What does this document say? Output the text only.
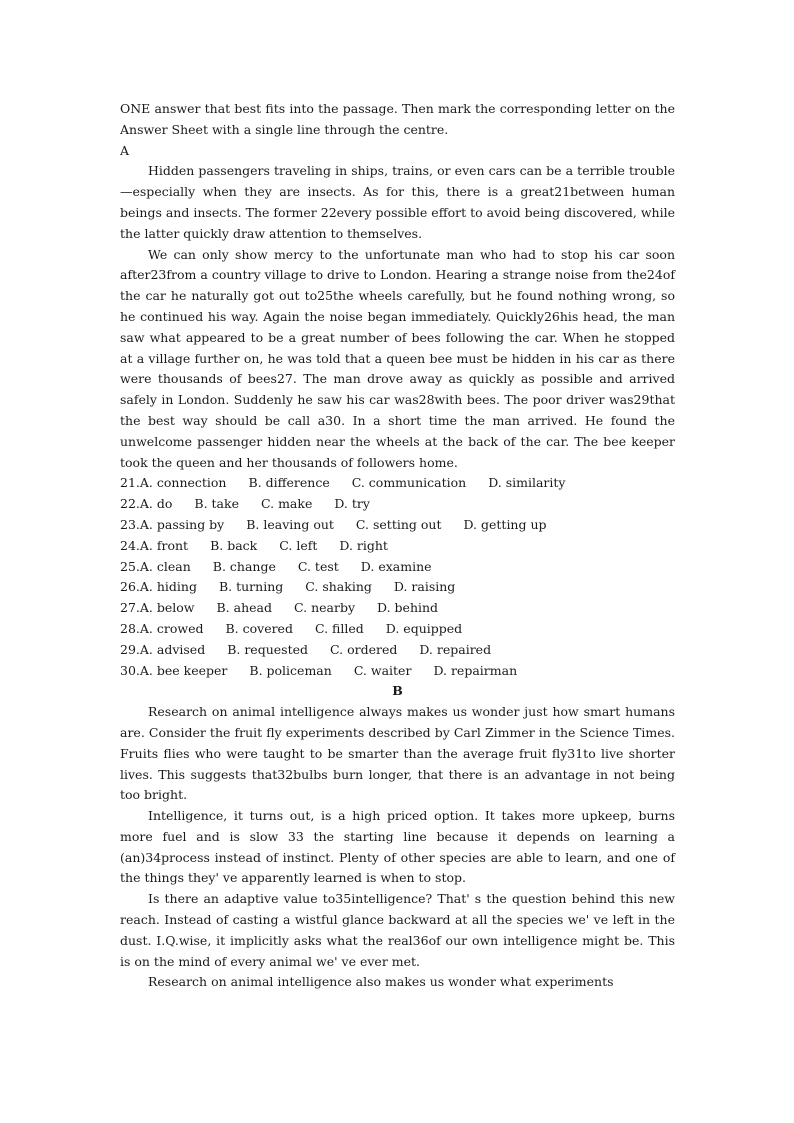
ONE answer that best fits into the passage. Then mark the corresponding letter on the Answer Sheet with a single line through the centre.

A

Hidden passengers traveling in ships, trains, or even cars can be a terrible trouble—especially when they are insects. As for this, there is a great21between human beings and insects. The former 22every possible effort to avoid being discovered, while the latter quickly draw attention to themselves.

We can only show mercy to the unfortunate man who had to stop his car soon after23from a country village to drive to London. Hearing a strange noise from the24of the car he naturally got out to25the wheels carefully, but he found nothing wrong, so he continued his way. Again the noise began immediately. Quickly26his head, the man saw what appeared to be a great number of bees following the car. When he stopped at a village further on, he was told that a queen bee must be hidden in his car as there were thousands of bees27. The man drove away as quickly as possible and arrived safely in London. Suddenly he saw his car was28with bees. The poor driver was29that the best way should be call a30. In a short time the man arrived. He found the unwelcome passenger hidden near the wheels at the back of the car. The bee keeper took the queen and her thousands of followers home.

21.A. connection B. difference C. communication D. similarity

22.A. do B. take C. make D. try

23.A. passing by B. leaving out C. setting out D. getting up

24.A. front B. back C. left D. right

25.A. clean B. change C. test D. examine

26.A. hiding B. turning C. shaking D. raising

27.A. below B. ahead C. nearby D. behind

28.A. crowed B. covered C. filled D. equipped

29.A. advised B. requested C. ordered D. repaired

30.A. bee keeper B. policeman C. waiter D. repairman

B

Research on animal intelligence always makes us wonder just how smart humans are. Consider the fruit fly experiments described by Carl Zimmer in the Science Times. Fruits flies who were taught to be smarter than the average fruit fly31to live shorter lives. This suggests that32bulbs burn longer, that there is an advantage in not being too bright.

Intelligence, it turns out, is a high priced option. It takes more upkeep, burns more fuel and is slow 33 the starting line because it depends on learning a (an)34process instead of instinct. Plenty of other species are able to learn, and one of the things they' ve apparently learned is when to stop.

Is there an adaptive value to35intelligence? That' s the question behind this new reach. Instead of casting a wistful glance backward at all the species we' ve left in the dust. I.Q.wise, it implicitly asks what the real36of our own intelligence might be. This is on the mind of every animal we' ve ever met.

Research on animal intelligence also makes us wonder what experiments
